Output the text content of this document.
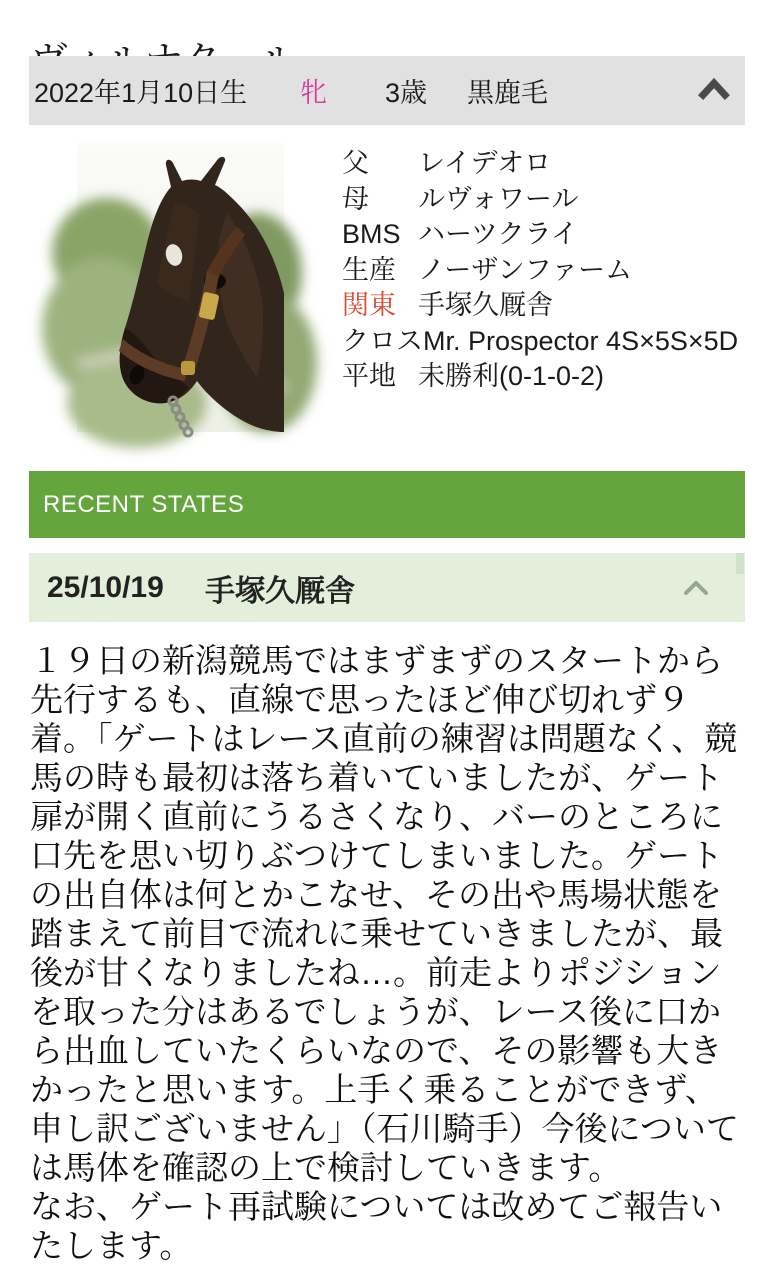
2022年1月10日生 牝 3歳 黒鹿毛
父	レイデオロ
母	ルヴォワール
BMS ハーツクライ
生産 ノーザンファーム
関東 手塚久厩舎
クロス Mr. Prospector 4S×5S×5D
平地 未勝利(0-1-0-2)
RECENT STATES
25/10/19 手塚久厩舎
１９日の新潟競馬ではまずまずのスタートから先行するも、直線で思ったほど伸び切れず９着。「ゲートはレース直前の練習は問題なく、競馬の時も最初は落ち着いていましたが、ゲート扉が開く直前にうるさくなり、バーのところに口先を思い切りぶつけてしまいました。ゲートの出自体は何とかこなせ、その出や馬場状態を踏まえて前目で流れに乗せていきましたが、最後が甘くなりましたね…。前走よりポジションを取った分はあるでしょうが、レース後に口から出血していたくらいなので、その影響も大きかったと思います。上手く乗ることができず、申し訳ございません」（石川騎手）今後については馬体を確認の上で検討していきます。
なお、ゲート再試験については改めてご報告いたします。
